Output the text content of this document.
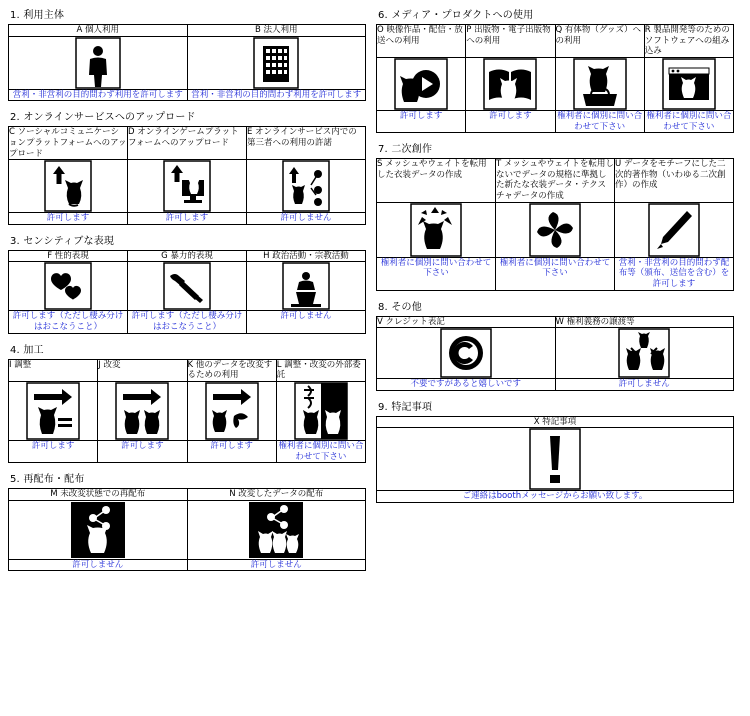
1. 利用主体
A 個人利用	B 法人利用

営利・非営利の目的問わず利用を許可します	営利・非営利の目的問わず利用を許可します
2. オンラインサービスへのアップロード
C ソーシャルコミュニケーションプラットフォームへのアップロード	D オンラインゲームプラットフォームへのアップロード	E オンラインサービス内での第三者への利用の許諾

許可します	許可します	許可しません
3. センシティブな表現
F 性的表現	G 暴力的表現	H 政治活動・宗教活動

許可します（ただし棲み分けはおこなうこと）	許可します（ただし棲み分けはおこなうこと）	許可しません
4. 加工
I 調整	J 改変	K 他のデータを改変するための利用	L 調整・改変の外部委託

許可します	許可します	許可します	権利者に個別に問い合わせて下さい
5. 再配布・配布
M 未改変状態での再配布	N 改変したデータの配布

許可しません	許可しません
6. メディア・プロダクトへの使用
O 映像作品・配信・放送への利用	P 出版物・電子出版物への利用	Q 有体物（グッズ）への利用	R 製品開発等のためのソフトウェアへの組み込み

許可します	許可します	権利者に個別に問い合わせて下さい	権利者に個別に問い合わせて下さい
7. 二次創作
S メッシュやウェイトを転用した衣装データの作成	T メッシュやウェイトを転用しないでデータの規格に準拠した新たな衣装データ・テクスチャデータの作成	U データをモチーフにした二次的著作物（いわゆる二次創作）の作成

権利者に個別に問い合わせて下さい	権利者に個別に問い合わせて下さい	営利・非営利の目的問わず配布等（頒布、送信を含む）を許可します
8. その他
V クレジット表記	W 権利義務の譲渡等

不要ですがあると嬉しいです	許可しません
9. 特記事項
X 特記事項

ご連絡はboothメッセージからお願い致します。
